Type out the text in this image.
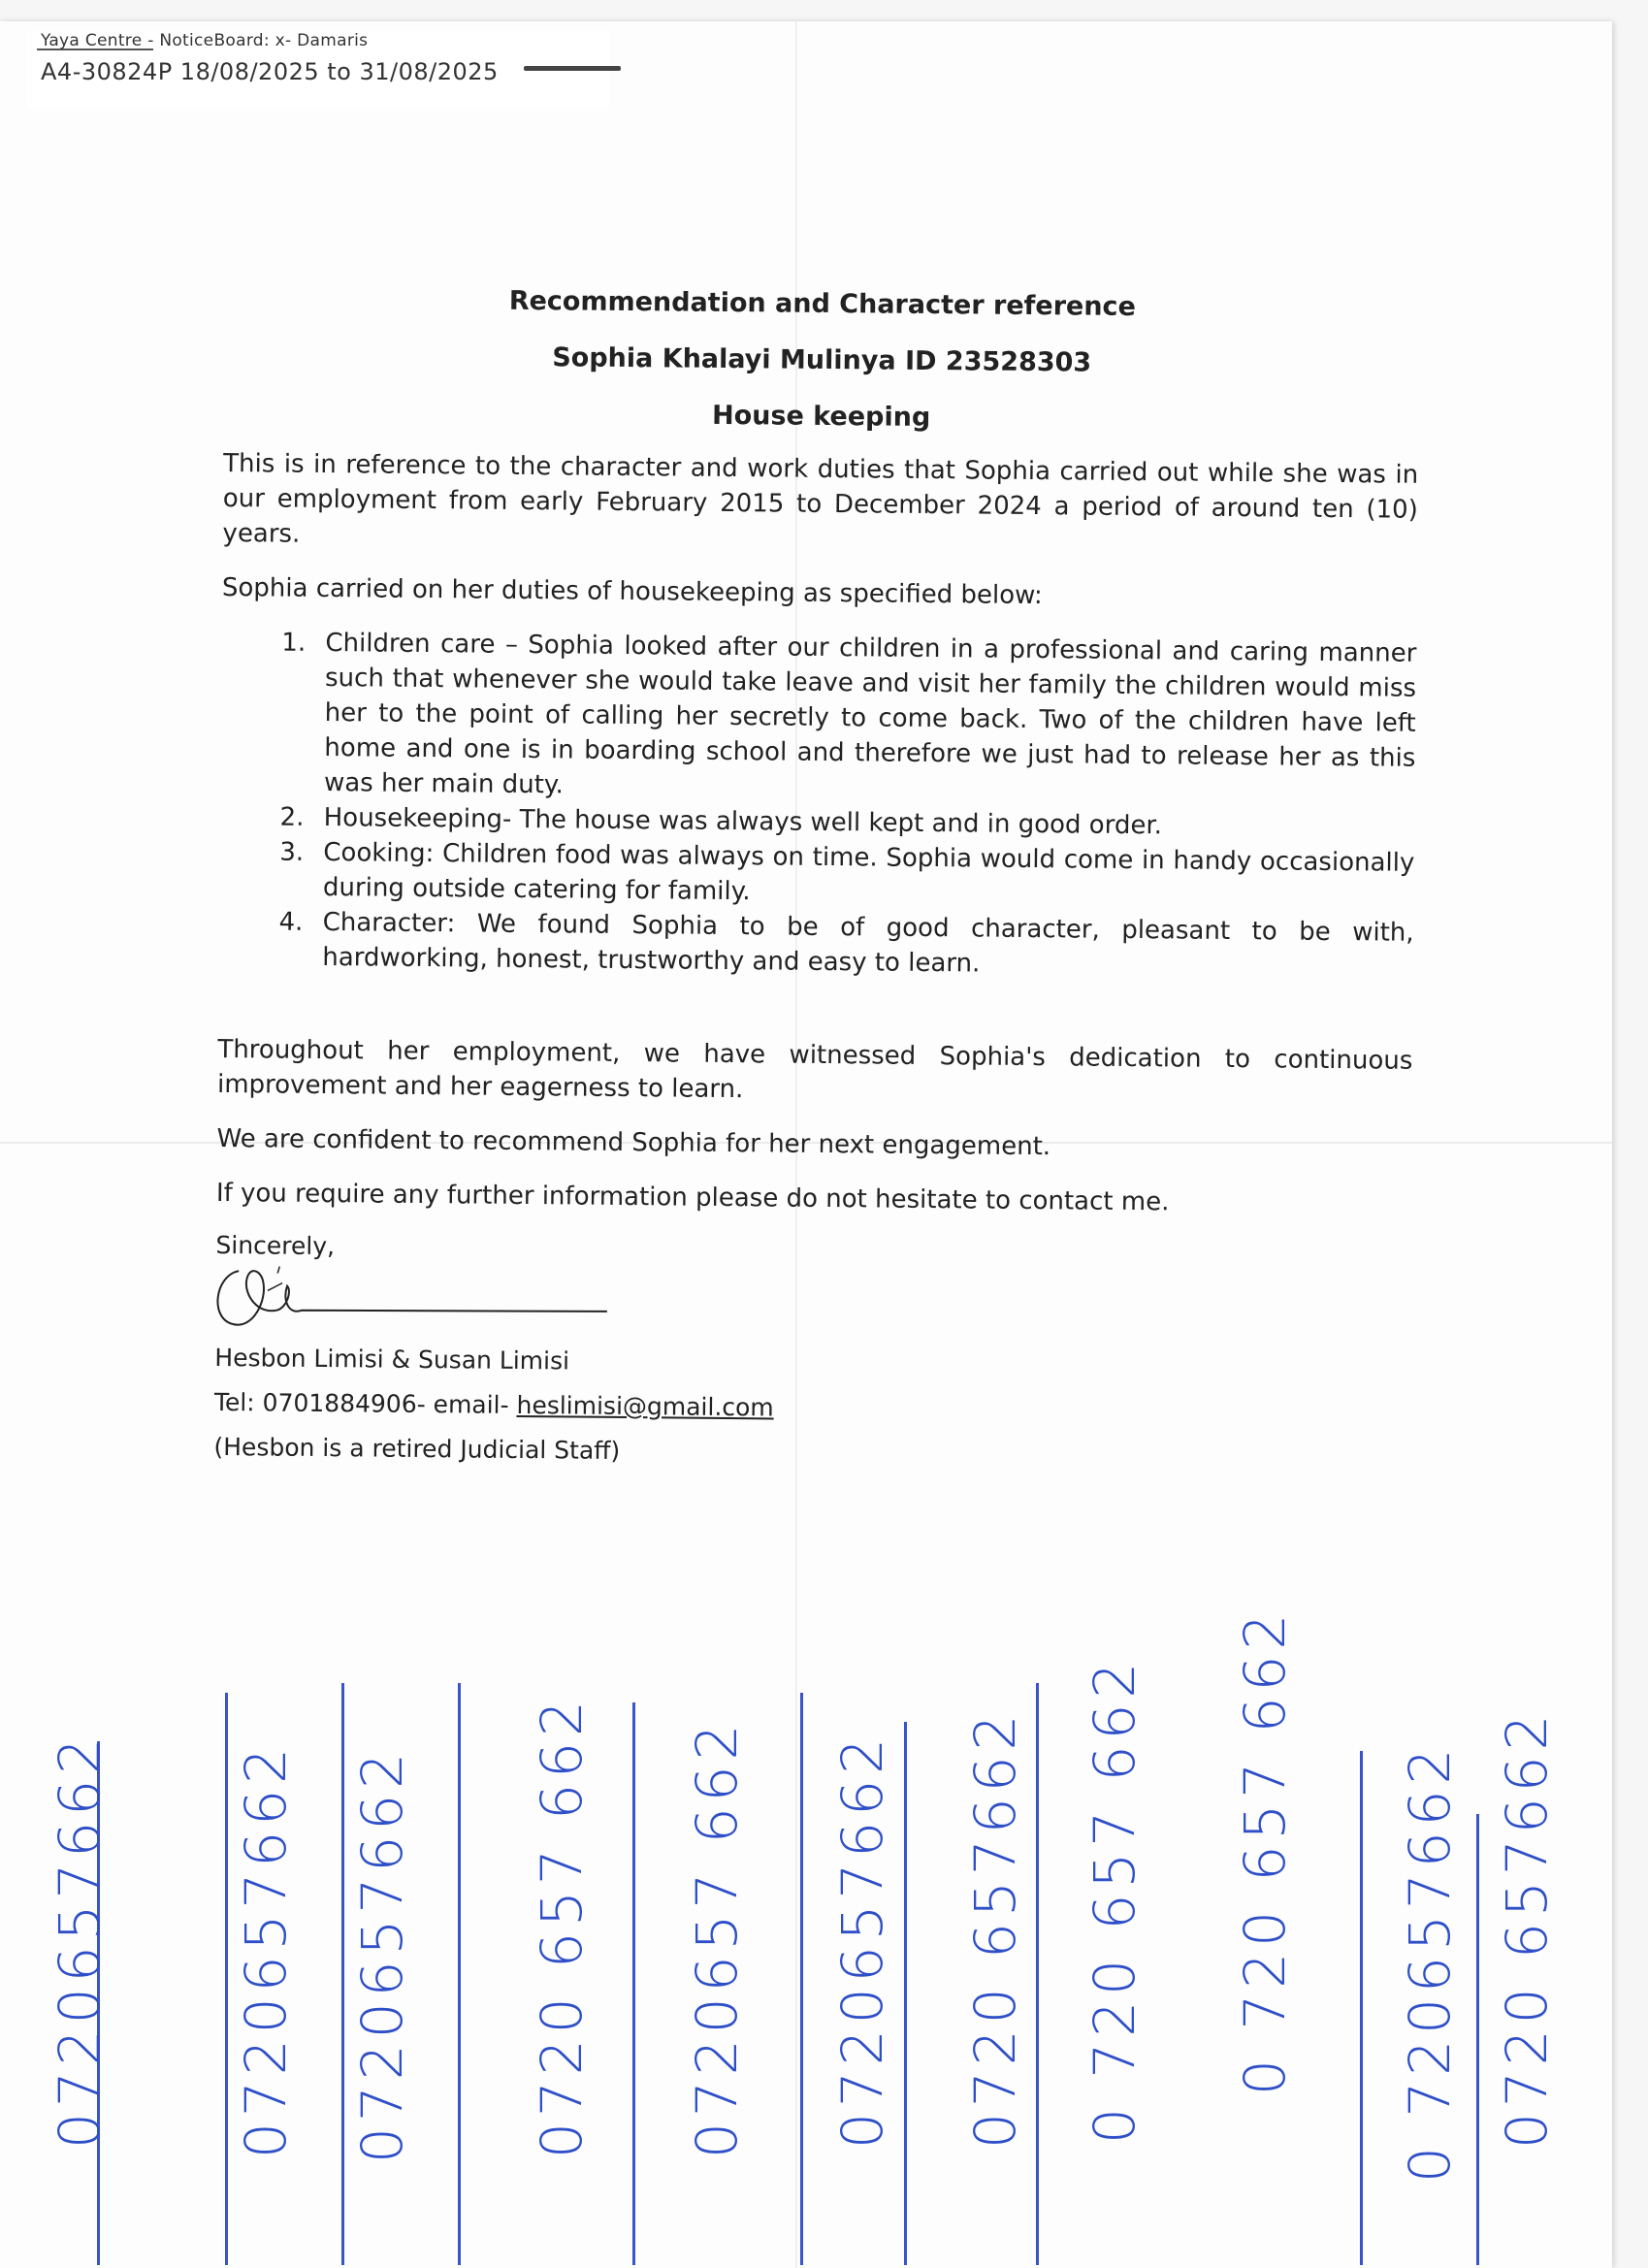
Yaya Centre - NoticeBoard: x- Damaris
A4-30824P 18/08/2025 to 31/08/2025
Recommendation and Character reference
Sophia Khalayi Mulinya ID 23528303
House keeping

This is in reference to the character and work duties that Sophia carried out while she was in our employment from early February 2015 to December 2024 a period of around ten (10) years.

Sophia carried on her duties of housekeeping as specified below:

1. Children care – Sophia looked after our children in a professional and caring manner such that whenever she would take leave and visit her family the children would miss her to the point of calling her secretly to come back. Two of the children have left home and one is in boarding school and therefore we just had to release her as this was her main duty.
2. Housekeeping- The house was always well kept and in good order.
3. Cooking: Children food was always on time. Sophia would come in handy occasionally during outside catering for family.
4. Character: We found Sophia to be of good character, pleasant to be with, hardworking, honest, trustworthy and easy to learn.

Throughout her employment, we have witnessed Sophia's dedication to continuous improvement and her eagerness to learn.

We are confident to recommend Sophia for her next engagement.

If you require any further information please do not hesitate to contact me.

Sincerely,
Hesbon Limisi & Susan Limisi
Tel: 0701884906- email- heslimisi@gmail.com
(Hesbon is a retired Judicial Staff)
0720657662 0720657662 0720657662 0720 657 662 0720657 662 0720657662 0720 657662 0 720 657 662 0 720 657 662 0 720657662 0720 657662
